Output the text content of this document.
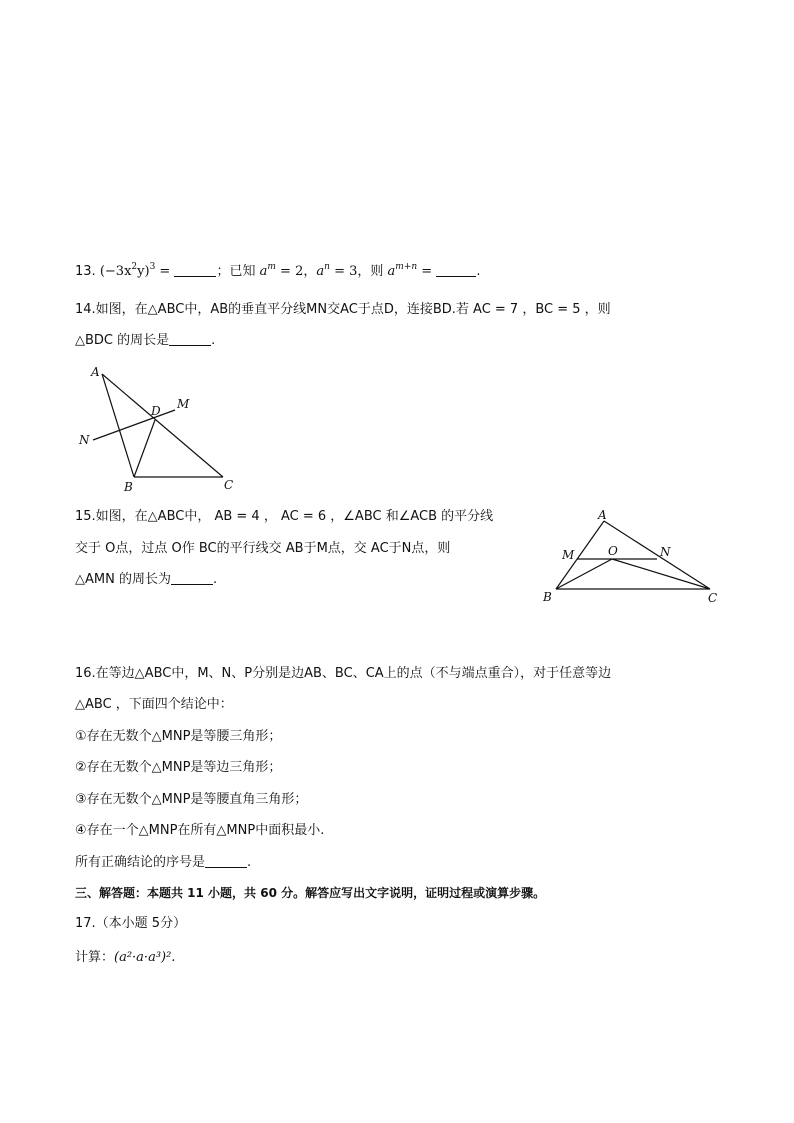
13. $(-3x^2y)^3$ =	；已知 $a^m = 2$，$a^n = 3$，则 $a^{m+n}$ =	.
14.如图，在△ABC中，AB的垂直平分线MN交AC于点D，连接BD.若 AC = 7 ，BC = 5 ，则
△BDC 的周长是	.
A
B	C
D M
N
15.如图，在△ABC中， AB = 4 ， AC = 6 ，∠ABC 和∠ACB 的平分线
交于 O点，过点 O作 BC的平行线交 AB于M点，交 AC于N点，则
△AMN 的周长为	.
A
M	O	N
B	C
16.在等边△ABC中，M、N、P分别是边AB、BC、CA上的点（不与端点重合），对于任意等边
△ABC ，下面四个结论中：
①存在无数个△MNP是等腰三角形；
②存在无数个△MNP是等边三角形；
③存在无数个△MNP是等腰直角三角形；
④存在一个△MNP在所有△MNP中面积最小.
所有正确结论的序号是	.
三、解答题：本题共 11 小题，共 60 分。解答应写出文字说明，证明过程或演算步骤。
17.（本小题 5分）
计算：(a²·a·a³)².
